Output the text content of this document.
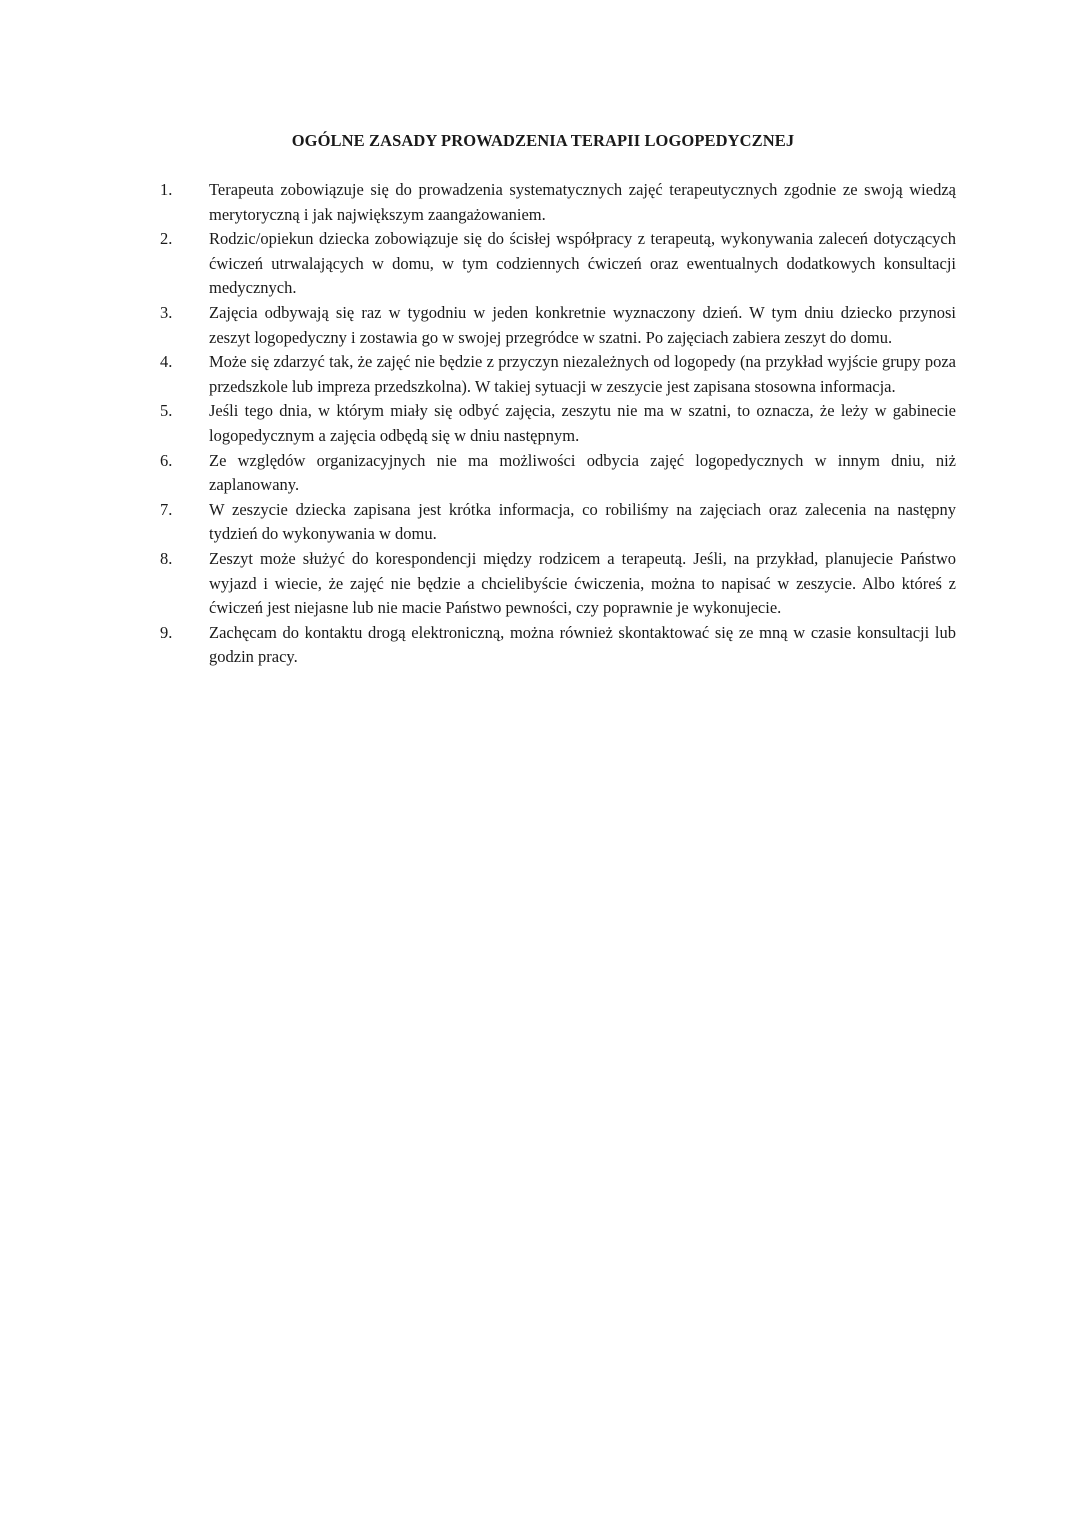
OGÓLNE ZASADY PROWADZENIA TERAPII LOGOPEDYCZNEJ
1.	Terapeuta zobowiązuje się do prowadzenia systematycznych zajęć terapeutycznych zgodnie ze swoją wiedzą merytoryczną i jak największym zaangażowaniem.
2.	Rodzic/opiekun dziecka zobowiązuje się do ścisłej współpracy z terapeutą, wykonywania zaleceń dotyczących ćwiczeń utrwalających w domu, w tym codziennych ćwiczeń oraz ewentualnych dodatkowych konsultacji medycznych.
3.	Zajęcia odbywają się raz w tygodniu w jeden konkretnie wyznaczony dzień. W tym dniu dziecko przynosi zeszyt logopedyczny i zostawia go w swojej przegródce w szatni. Po zajęciach zabiera zeszyt do domu.
4.	Może się zdarzyć tak, że zajęć nie będzie z przyczyn niezależnych od logopedy (na przykład wyjście grupy poza przedszkole lub impreza przedszkolna). W takiej sytuacji w zeszycie jest zapisana stosowna informacja.
5.	Jeśli tego dnia, w którym miały się odbyć zajęcia, zeszytu nie ma w szatni, to oznacza, że leży w gabinecie logopedycznym a zajęcia odbędą się w dniu następnym.
6.	Ze względów organizacyjnych nie ma możliwości odbycia zajęć logopedycznych w innym dniu, niż zaplanowany.
7.	W zeszycie dziecka zapisana jest krótka informacja, co robiliśmy na zajęciach oraz zalecenia na następny tydzień do wykonywania w domu.
8.	Zeszyt może służyć do korespondencji między rodzicem a terapeutą. Jeśli, na przykład, planujecie Państwo wyjazd i wiecie, że zajęć nie będzie a chcielibyście ćwiczenia, można to napisać w zeszycie. Albo któreś z ćwiczeń jest niejasne lub nie macie Państwo pewności, czy poprawnie je wykonujecie.
9.	Zachęcam do kontaktu drogą elektroniczną, można również skontaktować się ze mną w czasie konsultacji lub godzin pracy.
